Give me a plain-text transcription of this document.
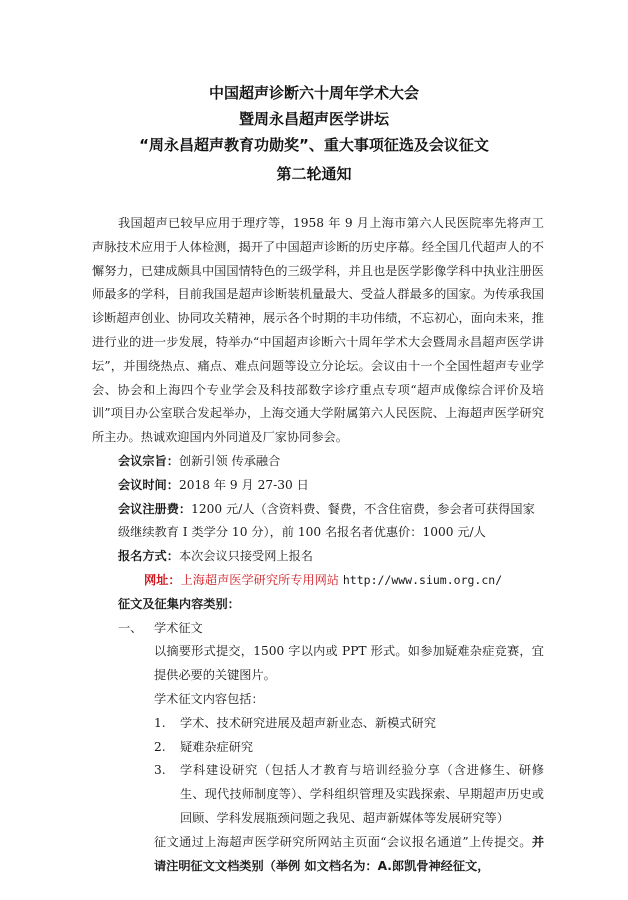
中国超声诊断六十周年学术大会
暨周永昌超声医学讲坛
“周永昌超声教育功勋奖”、重大事项征选及会议征文
第二轮通知

我国超声已较早应用于理疗等，1958 年 9 月上海市第六人民医院率先将声工声脉技术应用于人体检测，揭开了中国超声诊断的历史序幕。经全国几代超声人的不懈努力，已建成颇具中国国情特色的三级学科，并且也是医学影像学科中执业注册医师最多的学科，目前我国是超声诊断装机量最大、受益人群最多的国家。为传承我国诊断超声创业、协同攻关精神，展示各个时期的丰功伟绩，不忘初心，面向未来，推进行业的进一步发展，特举办“中国超声诊断六十周年学术大会暨周永昌超声医学讲坛”，并围绕热点、痛点、难点问题等设立分论坛。会议由十一个全国性超声专业学会、协会和上海四个专业学会及科技部数字诊疗重点专项“超声成像综合评价及培训”项目办公室联合发起举办，上海交通大学附属第六人民医院、上海超声医学研究所主办。热诚欢迎国内外同道及厂家协同参会。

会议宗旨：创新引领 传承融合

会议时间：2018 年 9 月 27-30 日

会议注册费：1200 元/人（含资料费、餐费，不含住宿费，参会者可获得国家级继续教育 I 类学分 10 分），前 100 名报名者优惠价：1000 元/人

报名方式：本次会议只接受网上报名

网址：上海超声医学研究所专用网站 http://www.sium.org.cn/

征文及征集内容类别：

一、 学术征文

以摘要形式提交，1500 字以内或 PPT 形式。如参加疑难杂症竞赛，宜提供必要的关键图片。

学术征文内容包括：

1.	学术、技术研究进展及超声新业态、新模式研究
2.	疑难杂症研究
3.	学科建设研究（包括人才教育与培训经验分享（含进修生、研修生、现代技师制度等）、学科组织管理及实践探索、早期超声历史或回顾、学科发展瓶颈问题之我见、超声新媒体等发展研究等）

征文通过上海超声医学研究所网站主页面“会议报名通道”上传提交。并请注明征文文档类别（举例 如文档名为：A.郎凯骨神经征文，
